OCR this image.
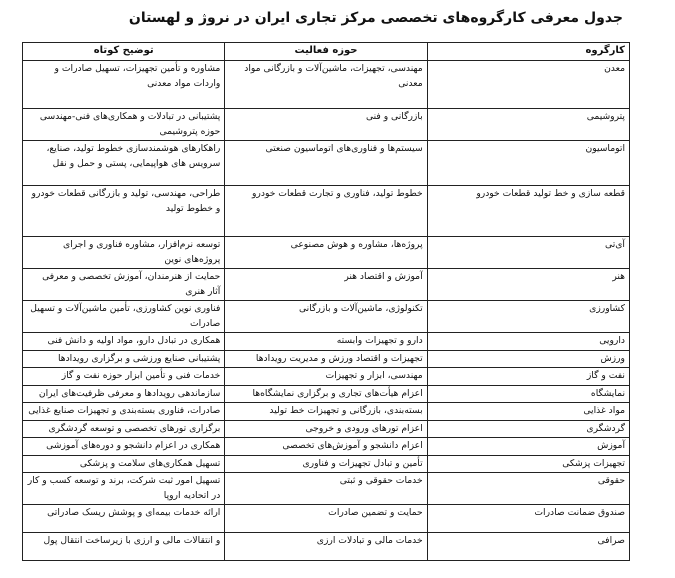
جدول معرفی کارگروه‌های تخصصی مرکز تجاری ایران در نروژ و لهستان
کارگروه	حوزه فعالیت	توضیح کوتاه
معدن	مهندسی، تجهیزات، ماشین‌آلات و بازرگانی مواد معدنی	مشاوره و تأمین تجهیزات، تسهیل صادرات و واردات مواد معدنی
پتروشیمی	بازرگانی و فنی	پشتیبانی در تبادلات و همکاری‌های فنی-مهندسی حوزه پتروشیمی
اتوماسیون	سیستم‌ها و فناوری‌های اتوماسیون صنعتی	راهکارهای هوشمندسازی خطوط تولید، صنایع، سرویس های هواپیمایی، پستی و حمل و نقل
قطعه سازی و خط تولید قطعات خودرو	خطوط تولید، فناوری و تجارت قطعات خودرو	طراحی، مهندسی، تولید و بازرگانی قطعات خودرو و خطوط تولید
آی‌تی	پروژه‌ها، مشاوره و هوش مصنوعی	توسعه نرم‌افزار، مشاوره فناوری و اجرای پروژه‌های نوین
هنر	آموزش و اقتصاد هنر	حمایت از هنرمندان، آموزش تخصصی و معرفی آثار هنری
کشاورزی	تکنولوژی، ماشین‌آلات و بازرگانی	فناوری نوین کشاورزی، تأمین ماشین‌آلات و تسهیل صادرات
دارویی	دارو و تجهیزات وابسته	همکاری در تبادل دارو، مواد اولیه و دانش فنی
ورزش	تجهیزات و اقتصاد ورزش و مدیریت رویدادها	پشتیبانی صنایع ورزشی و برگزاری رویدادها
نفت و گاز	مهندسی، ابزار و تجهیزات	خدمات فنی و تأمین ابزار حوزه نفت و گاز
نمایشگاه	اعزام هیأت‌های تجاری و برگزاری نمایشگاه‌ها	سازماندهی رویدادها و معرفی ظرفیت‌های ایران
مواد غذایی	بسته‌بندی، بازرگانی و تجهیزات خط تولید	صادرات، فناوری بسته‌بندی و تجهیزات صنایع غذایی
گردشگری	اعزام تورهای ورودی و خروجی	برگزاری تورهای تخصصی و توسعه گردشگری
آموزش	اعزام دانشجو و آموزش‌های تخصصی	همکاری در اعزام دانشجو و دوره‌های آموزشی
تجهیزات پزشکی	تأمین و تبادل تجهیزات و فناوری	تسهیل همکاری‌های سلامت و پزشکی
حقوقی	خدمات حقوقی و ثبتی	تسهیل امور ثبت شرکت، برند و توسعه کسب و کار در اتحادیه اروپا
صندوق ضمانت صادرات	حمایت و تضمین صادرات	ارائه خدمات بیمه‌ای و پوشش ریسک صادراتی
صرافی	خدمات مالی و تبادلات ارزی	و انتقالات مالی و ارزی با زیرساخت انتقال پول
